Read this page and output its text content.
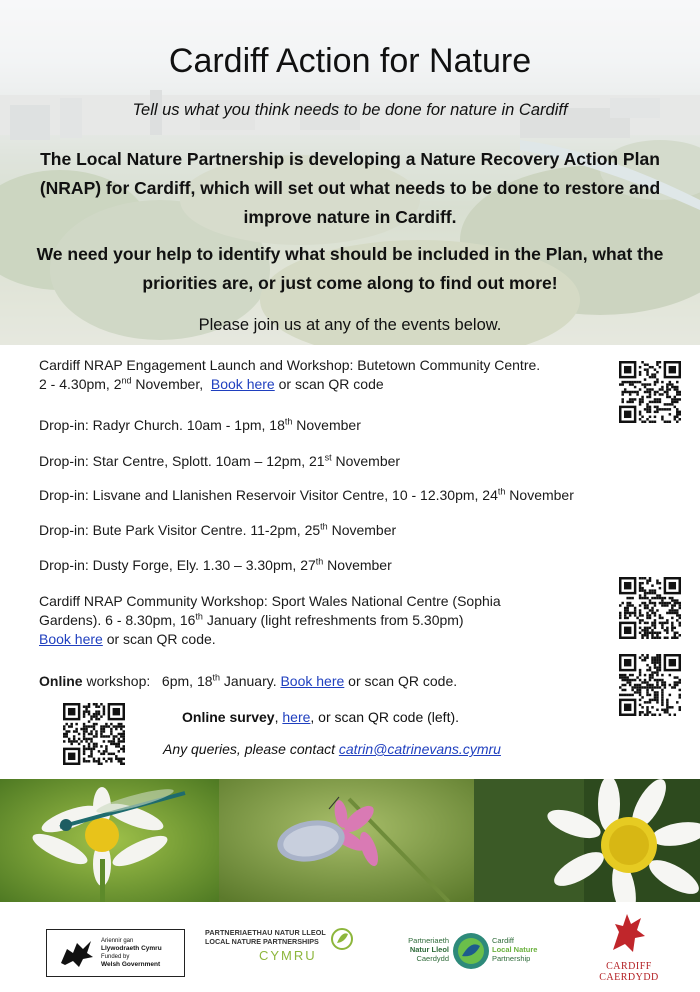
Cardiff Action for Nature
Tell us what you think needs to be done for nature in Cardiff
The Local Nature Partnership is developing a Nature Recovery Action Plan (NRAP) for Cardiff, which will set out what needs to be done to restore and improve nature in Cardiff.
We need your help to identify what should be included in the Plan, what the priorities are, or just come along to find out more!
Please join us at any of the events below.
Cardiff NRAP Engagement Launch and Workshop: Butetown Community Centre.
2 - 4.30pm, 2nd November,  Book here or scan QR code
Drop-in: Radyr Church. 10am - 1pm, 18th November
Drop-in: Star Centre, Splott. 10am – 12pm, 21st November
Drop-in: Lisvane and Llanishen Reservoir Visitor Centre, 10 - 12.30pm, 24th November
Drop-in: Bute Park Visitor Centre. 11-2pm, 25th November
Drop-in: Dusty Forge, Ely. 1.30 – 3.30pm, 27th November
Cardiff NRAP Community Workshop: Sport Wales National Centre (Sophia
Gardens). 6 - 8.30pm, 16th January (light refreshments from 5.30pm)
Book here or scan QR code.
Online workshop:   6pm, 18th January. Book here or scan QR code.
Online survey, here, or scan QR code (left).
Any queries, please contact catrin@catrinevans.cymru
Ariennir gan
Llywodraeth Cymru
Funded by
Welsh Government
PARTNERIAETHAU NATUR LLEOL
LOCAL NATURE PARTNERSHIPS
CYMRU
Partneriaeth
Natur Lleol
Caerdydd
Cardiff
Local Nature
Partnership
CARDIFF
CAERDYDD
